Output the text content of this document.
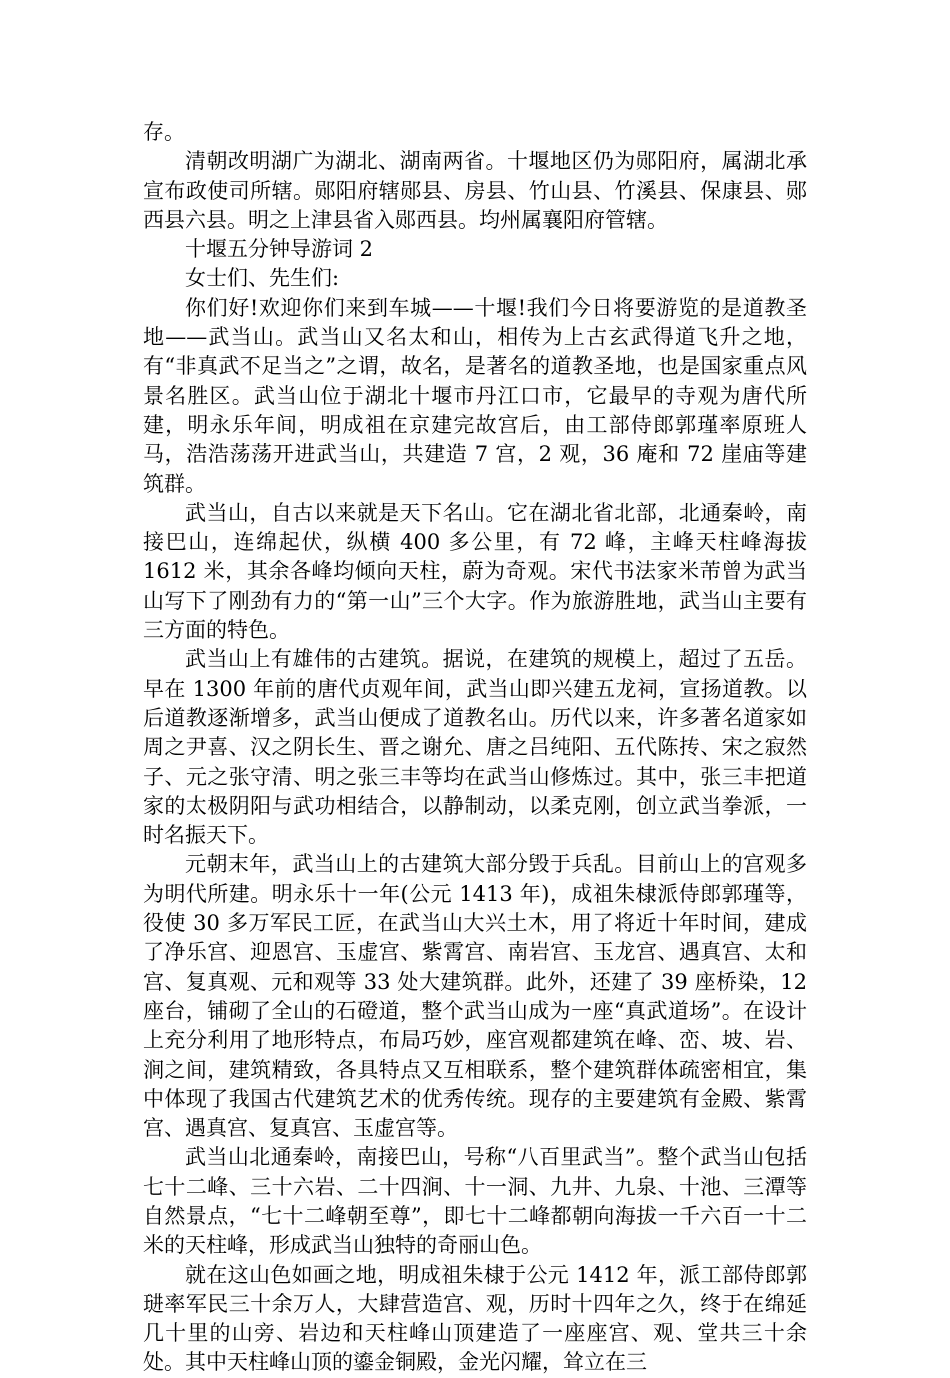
存。

清朝改明湖广为湖北、湖南两省。十堰地区仍为郧阳府，属湖北承宣布政使司所辖。郧阳府辖郧县、房县、竹山县、竹溪县、保康县、郧西县六县。明之上津县省入郧西县。均州属襄阳府管辖。

十堰五分钟导游词 2

女士们、先生们:

你们好!欢迎你们来到车城——十堰!我们今日将要游览的是道教圣地——武当山。武当山又名太和山，相传为上古玄武得道飞升之地，有“非真武不足当之”之谓，故名，是著名的道教圣地，也是国家重点风景名胜区。武当山位于湖北十堰市丹江口市，它最早的寺观为唐代所建，明永乐年间，明成祖在京建完故宫后，由工部侍郎郭瑾率原班人马，浩浩荡荡开进武当山，共建造 7 宫，2 观，36 庵和 72 崖庙等建筑群。

武当山，自古以来就是天下名山。它在湖北省北部，北通秦岭，南接巴山，连绵起伏，纵横 400 多公里，有 72 峰，主峰天柱峰海拔 1612 米，其余各峰均倾向天柱，蔚为奇观。宋代书法家米芾曾为武当山写下了刚劲有力的“第一山”三个大字。作为旅游胜地，武当山主要有三方面的特色。

武当山上有雄伟的古建筑。据说，在建筑的规模上，超过了五岳。早在 1300 年前的唐代贞观年间，武当山即兴建五龙祠，宣扬道教。以后道教逐渐增多，武当山便成了道教名山。历代以来，许多著名道家如周之尹喜、汉之阴长生、晋之谢允、唐之吕纯阳、五代陈抟、宋之寂然子、元之张守清、明之张三丰等均在武当山修炼过。其中，张三丰把道家的太极阴阳与武功相结合，以静制动，以柔克刚，创立武当拳派，一时名振天下。

元朝末年，武当山上的古建筑大部分毁于兵乱。目前山上的宫观多为明代所建。明永乐十一年(公元 1413 年)，成祖朱棣派侍郎郭瑾等，役使 30 多万军民工匠，在武当山大兴土木，用了将近十年时间，建成了净乐宫、迎恩宫、玉虚宫、紫霄宫、南岩宫、玉龙宫、遇真宫、太和宫、复真观、元和观等 33 处大建筑群。此外，还建了 39 座桥染，12 座台，铺砌了全山的石磴道，整个武当山成为一座“真武道场”。在设计上充分利用了地形特点，布局巧妙，座宫观都建筑在峰、峦、坡、岩、涧之间，建筑精致，各具特点又互相联系，整个建筑群体疏密相宜，集中体现了我国古代建筑艺术的优秀传统。现存的主要建筑有金殿、紫霄宫、遇真宫、复真宫、玉虚宫等。

武当山北通秦岭，南接巴山，号称“八百里武当”。整个武当山包括七十二峰、三十六岩、二十四涧、十一洞、九井、九泉、十池、三潭等自然景点，“七十二峰朝至尊”，即七十二峰都朝向海拔一千六百一十二米的天柱峰，形成武当山独特的奇丽山色。

就在这山色如画之地，明成祖朱棣于公元 1412 年，派工部侍郎郭琎率军民三十余万人，大肆营造宫、观，历时十四年之久，终于在绵延几十里的山旁、岩边和天柱峰山顶建造了一座座宫、观、堂共三十余处。其中天柱峰山顶的鎏金铜殿，金光闪耀，耸立在三
